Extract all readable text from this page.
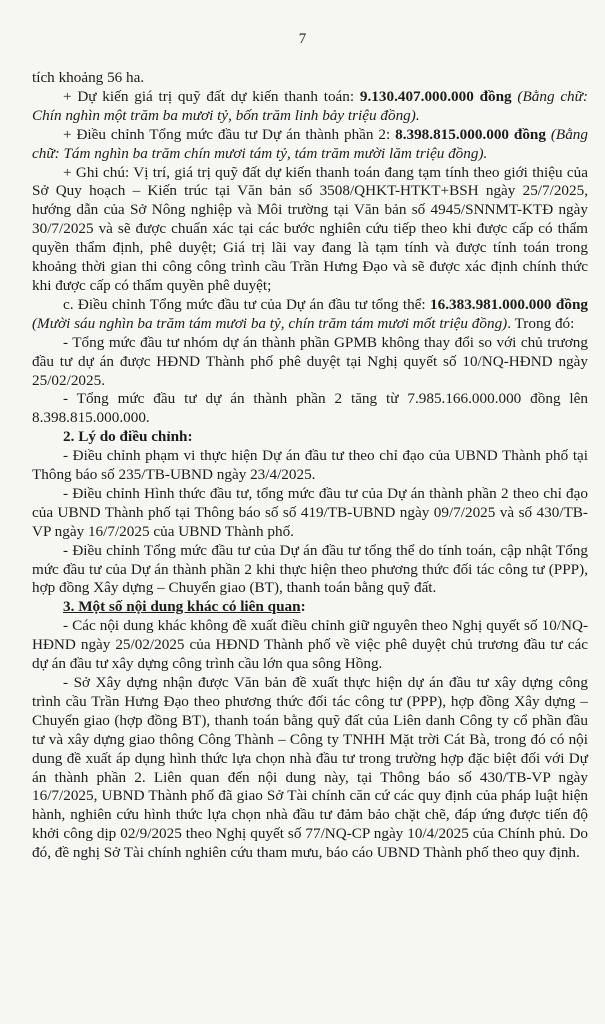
7

tích khoảng 56 ha.

+ Dự kiến giá trị quỹ đất dự kiến thanh toán: 9.130.407.000.000 đồng (Bằng chữ: Chín nghìn một trăm ba mươi tỷ, bốn trăm linh bảy triệu đồng).

+ Điều chỉnh Tổng mức đầu tư Dự án thành phần 2: 8.398.815.000.000 đồng (Bằng chữ: Tám nghìn ba trăm chín mươi tám tỷ, tám trăm mười lăm triệu đồng).

+ Ghi chú: Vị trí, giá trị quỹ đất dự kiến thanh toán đang tạm tính theo giới thiệu của Sở Quy hoạch – Kiến trúc tại Văn bản số 3508/QHKT-HTKT+BSH ngày 25/7/2025, hướng dẫn của Sở Nông nghiệp và Môi trường tại Văn bản số 4945/SNNMT-KTĐ ngày 30/7/2025 và sẽ được chuẩn xác tại các bước nghiên cứu tiếp theo khi được cấp có thẩm quyền thẩm định, phê duyệt; Giá trị lãi vay đang là tạm tính và được tính toán trong khoảng thời gian thi công công trình cầu Trần Hưng Đạo và sẽ được xác định chính thức khi được cấp có thẩm quyền phê duyệt;

c. Điều chỉnh Tổng mức đầu tư của Dự án đầu tư tổng thể: 16.383.981.000.000 đồng (Mười sáu nghìn ba trăm tám mươi ba tỷ, chín trăm tám mươi mốt triệu đồng). Trong đó:

- Tổng mức đầu tư nhóm dự án thành phần GPMB không thay đổi so với chủ trương đầu tư dự án được HĐND Thành phố phê duyệt tại Nghị quyết số 10/NQ-HĐND ngày 25/02/2025.

- Tổng mức đầu tư dự án thành phần 2 tăng từ 7.985.166.000.000 đồng lên 8.398.815.000.000.

2. Lý do điều chỉnh:

- Điều chỉnh phạm vi thực hiện Dự án đầu tư theo chỉ đạo của UBND Thành phố tại Thông báo số 235/TB-UBND ngày 23/4/2025.

- Điều chỉnh Hình thức đầu tư, tổng mức đầu tư của Dự án thành phần 2 theo chỉ đạo của UBND Thành phố tại Thông báo số số 419/TB-UBND ngày 09/7/2025 và số 430/TB-VP ngày 16/7/2025 của UBND Thành phố.

- Điều chỉnh Tổng mức đầu tư của Dự án đầu tư tổng thể do tính toán, cập nhật Tổng mức đầu tư của Dự án thành phần 2 khi thực hiện theo phương thức đối tác công tư (PPP), hợp đồng Xây dựng – Chuyển giao (BT), thanh toán bằng quỹ đất.

3. Một số nội dung khác có liên quan:

- Các nội dung khác không đề xuất điều chỉnh giữ nguyên theo Nghị quyết số 10/NQ-HĐND ngày 25/02/2025 của HĐND Thành phố về việc phê duyệt chủ trương đầu tư các dự án đầu tư xây dựng công trình cầu lớn qua sông Hồng.

- Sở Xây dựng nhận được Văn bản đề xuất thực hiện dự án đầu tư xây dựng công trình cầu Trần Hưng Đạo theo phương thức đối tác công tư (PPP), hợp đồng Xây dựng – Chuyển giao (hợp đồng BT), thanh toán bằng quỹ đất của Liên danh Công ty cổ phần đầu tư và xây dựng giao thông Công Thành – Công ty TNHH Mặt trời Cát Bà, trong đó có nội dung đề xuất áp dụng hình thức lựa chọn nhà đầu tư trong trường hợp đặc biệt đối với Dự án thành phần 2. Liên quan đến nội dung này, tại Thông báo số 430/TB-VP ngày 16/7/2025, UBND Thành phố đã giao Sở Tài chính căn cứ các quy định của pháp luật hiện hành, nghiên cứu hình thức lựa chọn nhà đầu tư đảm bảo chặt chẽ, đáp ứng được tiến độ khởi công dịp 02/9/2025 theo Nghị quyết số 77/NQ-CP ngày 10/4/2025 của Chính phủ. Do đó, đề nghị Sở Tài chính nghiên cứu tham mưu, báo cáo UBND Thành phố theo quy định.
